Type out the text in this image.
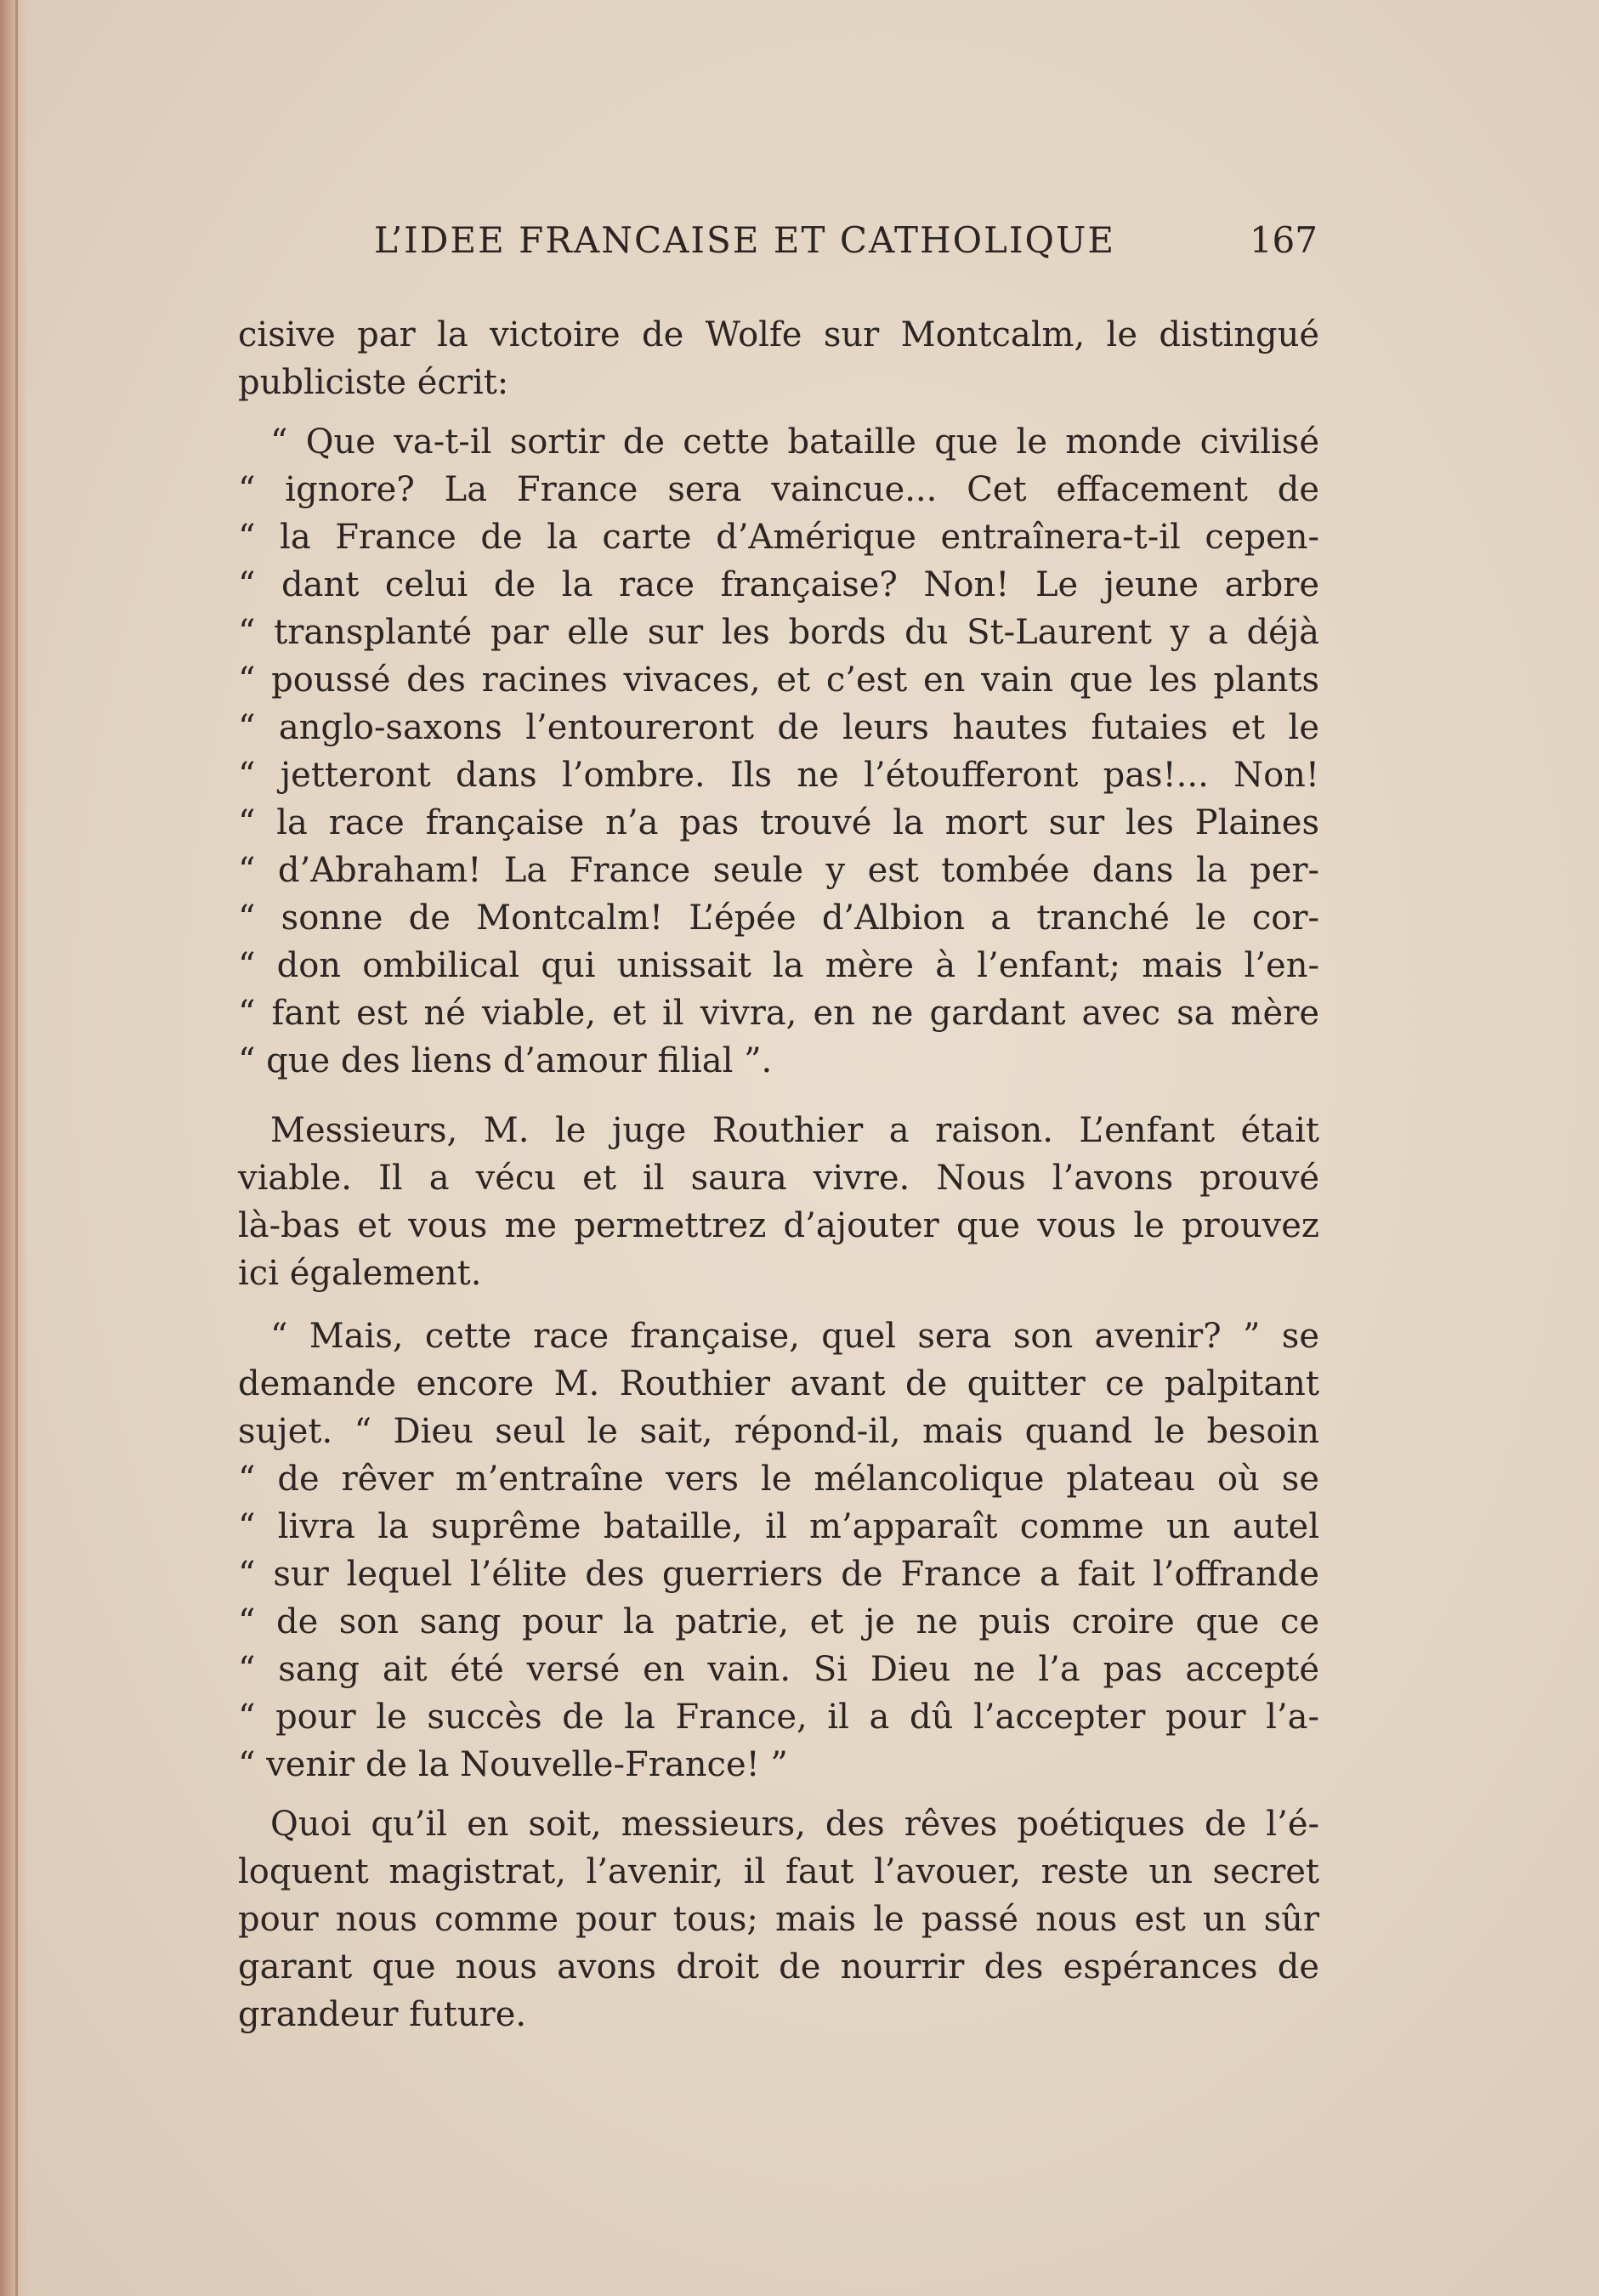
L’IDEE FRANCAISE ET CATHOLIQUE	167
cisive par la victoire de Wolfe sur Montcalm, le distingué
publiciste écrit:
“ Que va-t-il sortir de cette bataille que le monde civilisé
“ ignore? La France sera vaincue... Cet effacement de
“ la France de la carte d’Amérique entraînera-t-il cepen-
“ dant celui de la race française? Non! Le jeune arbre
“ transplanté par elle sur les bords du St-Laurent y a déjà
“ poussé des racines vivaces, et c’est en vain que les plants
“ anglo-saxons l’entoureront de leurs hautes futaies et le
“ jetteront dans l’ombre. Ils ne l’étoufferont pas!... Non!
“ la race française n’a pas trouvé la mort sur les Plaines
“ d’Abraham! La France seule y est tombée dans la per-
“ sonne de Montcalm! L’épée d’Albion a tranché le cor-
“ don ombilical qui unissait la mère à l’enfant; mais l’en-
“ fant est né viable, et il vivra, en ne gardant avec sa mère
“ que des liens d’amour filial ”.
Messieurs, M. le juge Routhier a raison. L’enfant était
viable. Il a vécu et il saura vivre. Nous l’avons prouvé
là-bas et vous me permettrez d’ajouter que vous le prouvez
ici également.
“ Mais, cette race française, quel sera son avenir? ” se
demande encore M. Routhier avant de quitter ce palpitant
sujet. “ Dieu seul le sait, répond-il, mais quand le besoin
“ de rêver m’entraîne vers le mélancolique plateau où se
“ livra la suprême bataille, il m’apparaît comme un autel
“ sur lequel l’élite des guerriers de France a fait l’offrande
“ de son sang pour la patrie, et je ne puis croire que ce
“ sang ait été versé en vain. Si Dieu ne l’a pas accepté
“ pour le succès de la France, il a dû l’accepter pour l’a-
“ venir de la Nouvelle-France! ”
Quoi qu’il en soit, messieurs, des rêves poétiques de l’é-
loquent magistrat, l’avenir, il faut l’avouer, reste un secret
pour nous comme pour tous; mais le passé nous est un sûr
garant que nous avons droit de nourrir des espérances de
grandeur future.
